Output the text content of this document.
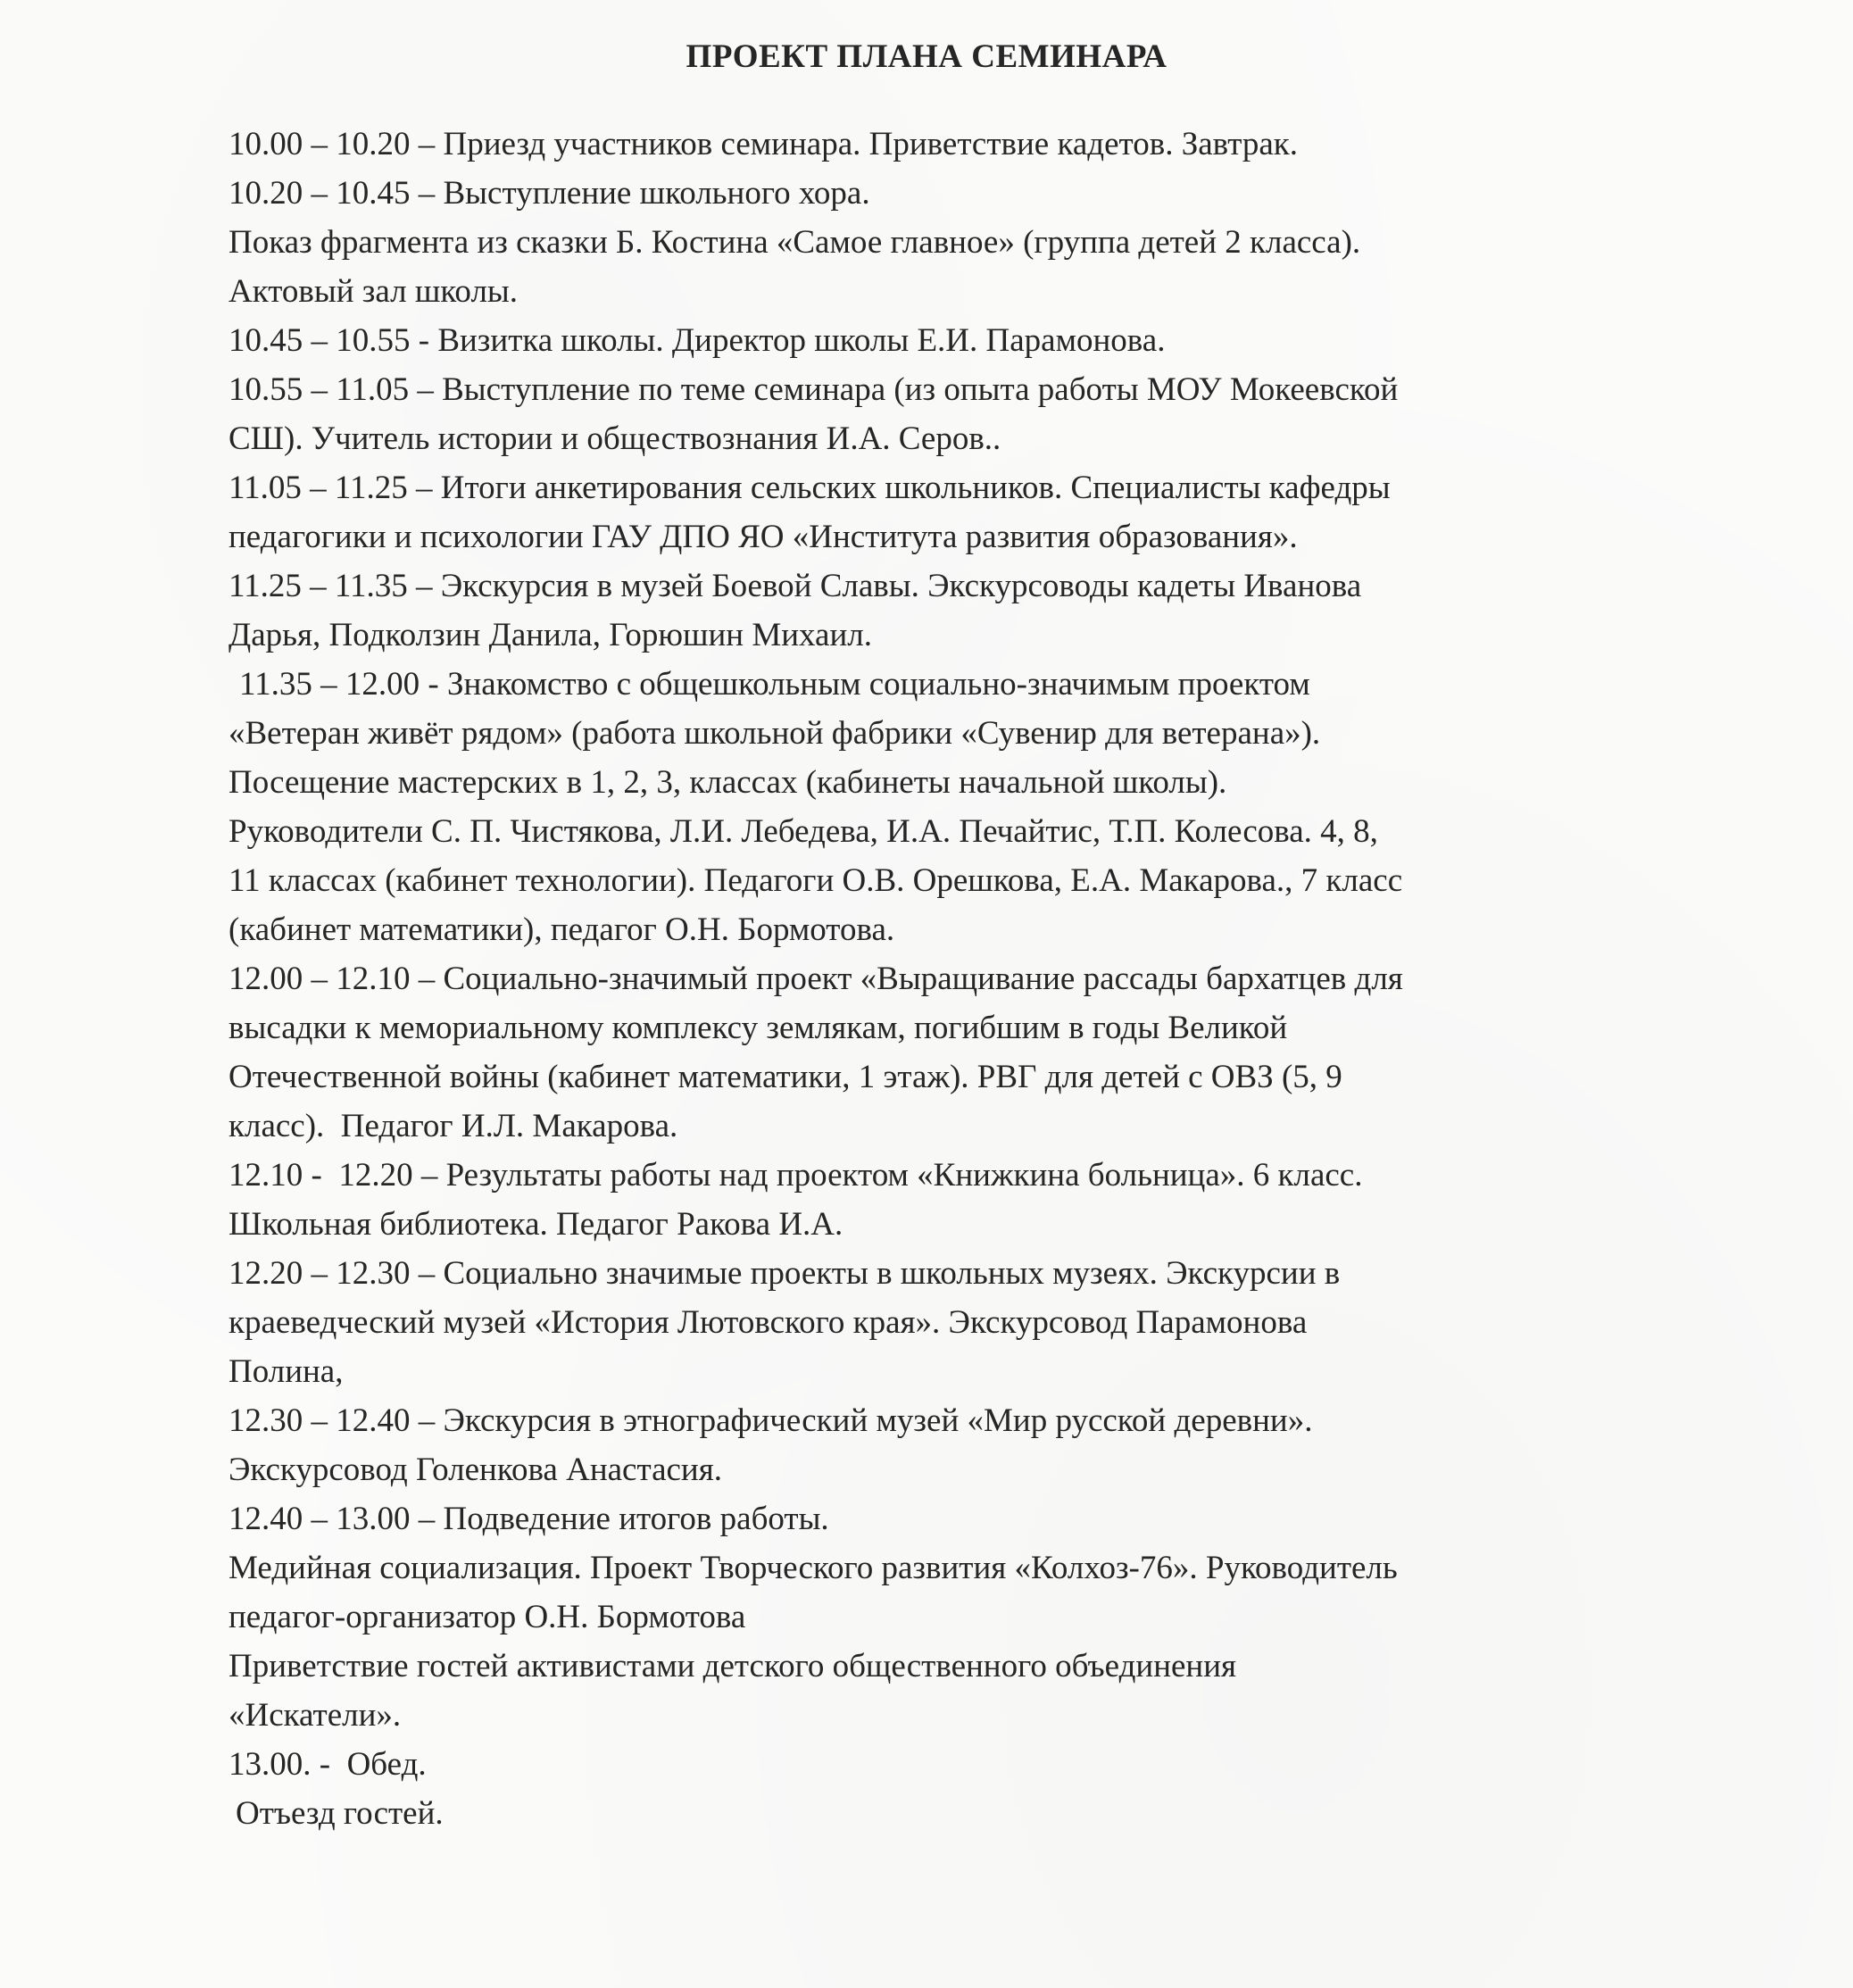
ПРОЕКТ ПЛАНА СЕМИНАРА
10.00 – 10.20 – Приезд участников семинара. Приветствие кадетов. Завтрак.
10.20 – 10.45 – Выступление школьного хора.
Показ фрагмента из сказки Б. Костина «Самое главное» (группа детей 2 класса).
Актовый зал школы.
10.45 – 10.55 - Визитка школы. Директор школы Е.И. Парамонова.
10.55 – 11.05 – Выступление по теме семинара (из опыта работы МОУ Мокеевской
СШ). Учитель истории и обществознания И.А. Серов..
11.05 – 11.25 – Итоги анкетирования сельских школьников. Специалисты кафедры
педагогики и психологии ГАУ ДПО ЯО «Института развития образования».
11.25 – 11.35 – Экскурсия в музей Боевой Славы. Экскурсоводы кадеты Иванова
Дарья, Подколзин Данила, Горюшин Михаил.
11.35 – 12.00 - Знакомство с общешкольным социально-значимым проектом
«Ветеран живёт рядом» (работа школьной фабрики «Сувенир для ветерана»).
Посещение мастерских в 1, 2, 3, классах (кабинеты начальной школы).
Руководители С. П. Чистякова, Л.И. Лебедева, И.А. Печайтис, Т.П. Колесова. 4, 8,
11 классах (кабинет технологии). Педагоги О.В. Орешкова, Е.А. Макарова., 7 класс
(кабинет математики), педагог О.Н. Бормотова.
12.00 – 12.10 – Социально-значимый проект «Выращивание рассады бархатцев для
высадки к мемориальному комплексу землякам, погибшим в годы Великой
Отечественной войны (кабинет математики, 1 этаж). РВГ для детей с ОВЗ (5, 9
класс).  Педагог И.Л. Макарова.
12.10 -  12.20 – Результаты работы над проектом «Книжкина больница». 6 класс.
Школьная библиотека. Педагог Ракова И.А.
12.20 – 12.30 – Социально значимые проекты в школьных музеях. Экскурсии в
краеведческий музей «История Лютовского края». Экскурсовод Парамонова
Полина,
12.30 – 12.40 – Экскурсия в этнографический музей «Мир русской деревни».
Экскурсовод Голенкова Анастасия.
12.40 – 13.00 – Подведение итогов работы.
Медийная социализация. Проект Творческого развития «Колхоз-76». Руководитель
педагог-организатор О.Н. Бормотова
Приветствие гостей активистами детского общественного объединения
«Искатели».
13.00. -  Обед.
Отъезд гостей.
